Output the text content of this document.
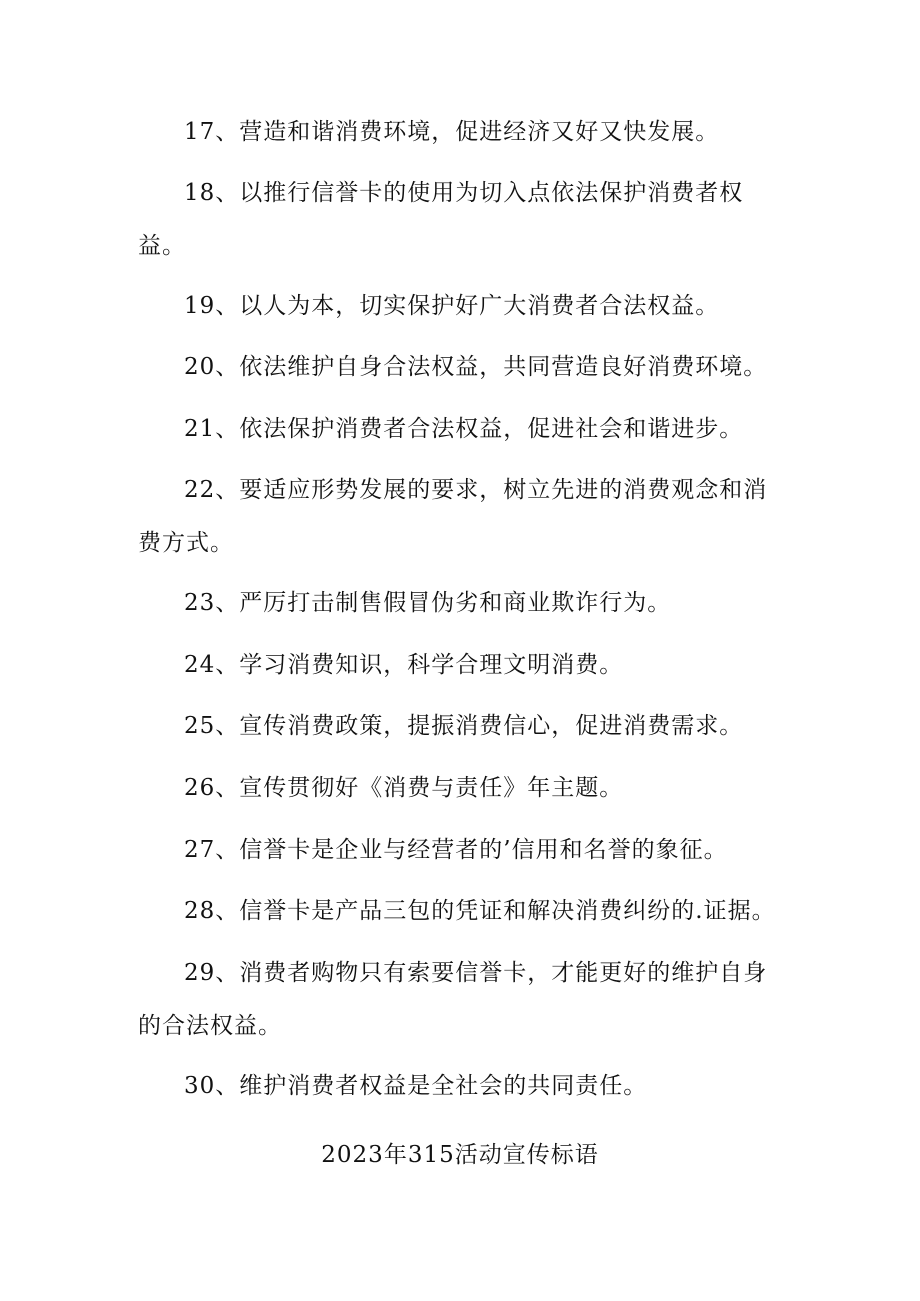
17、营造和谐消费环境，促进经济又好又快发展。

18、以推行信誉卡的使用为切入点依法保护消费者权益。

19、以人为本，切实保护好广大消费者合法权益。

20、依法维护自身合法权益，共同营造良好消费环境。

21、依法保护消费者合法权益，促进社会和谐进步。

22、要适应形势发展的要求，树立先进的消费观念和消费方式。

23、严厉打击制售假冒伪劣和商业欺诈行为。

24、学习消费知识，科学合理文明消费。

25、宣传消费政策，提振消费信心，促进消费需求。

26、宣传贯彻好《消费与责任》年主题。

27、信誉卡是企业与经营者的’信用和名誉的象征。

28、信誉卡是产品三包的凭证和解决消费纠纷的.证据。

29、消费者购物只有索要信誉卡，才能更好的维护自身的合法权益。

30、维护消费者权益是全社会的共同责任。

2023年315活动宣传标语
